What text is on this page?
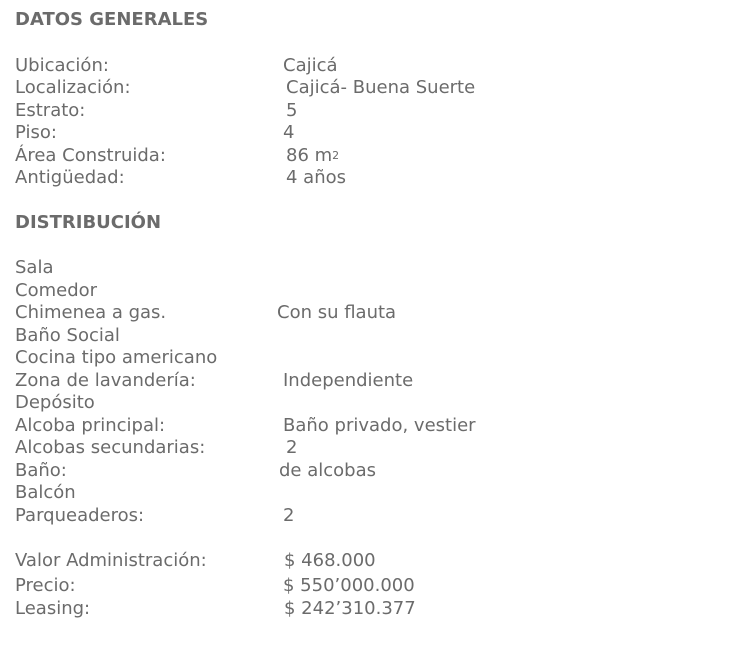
DATOS GENERALES
Ubicación:	Cajicá
Localización:	Cajicá- Buena Suerte
Estrato:	5
Piso:	4
Área Construida:	86 $m^2$
Antigüedad:	4 años
DISTRIBUCIÓN
Sala
Comedor
Chimenea a gas.	Con su flauta
Baño Social
Cocina tipo americano
Zona de lavandería:	Independiente
Depósito
Alcoba principal:	Baño privado, vestier
Alcobas secundarias:	2
Baño:	de alcobas
Balcón
Parqueaderos:	2
Valor Administración:	$ 468.000
Precio:	$ 550’000.000
Leasing:	$ 242’310.377
